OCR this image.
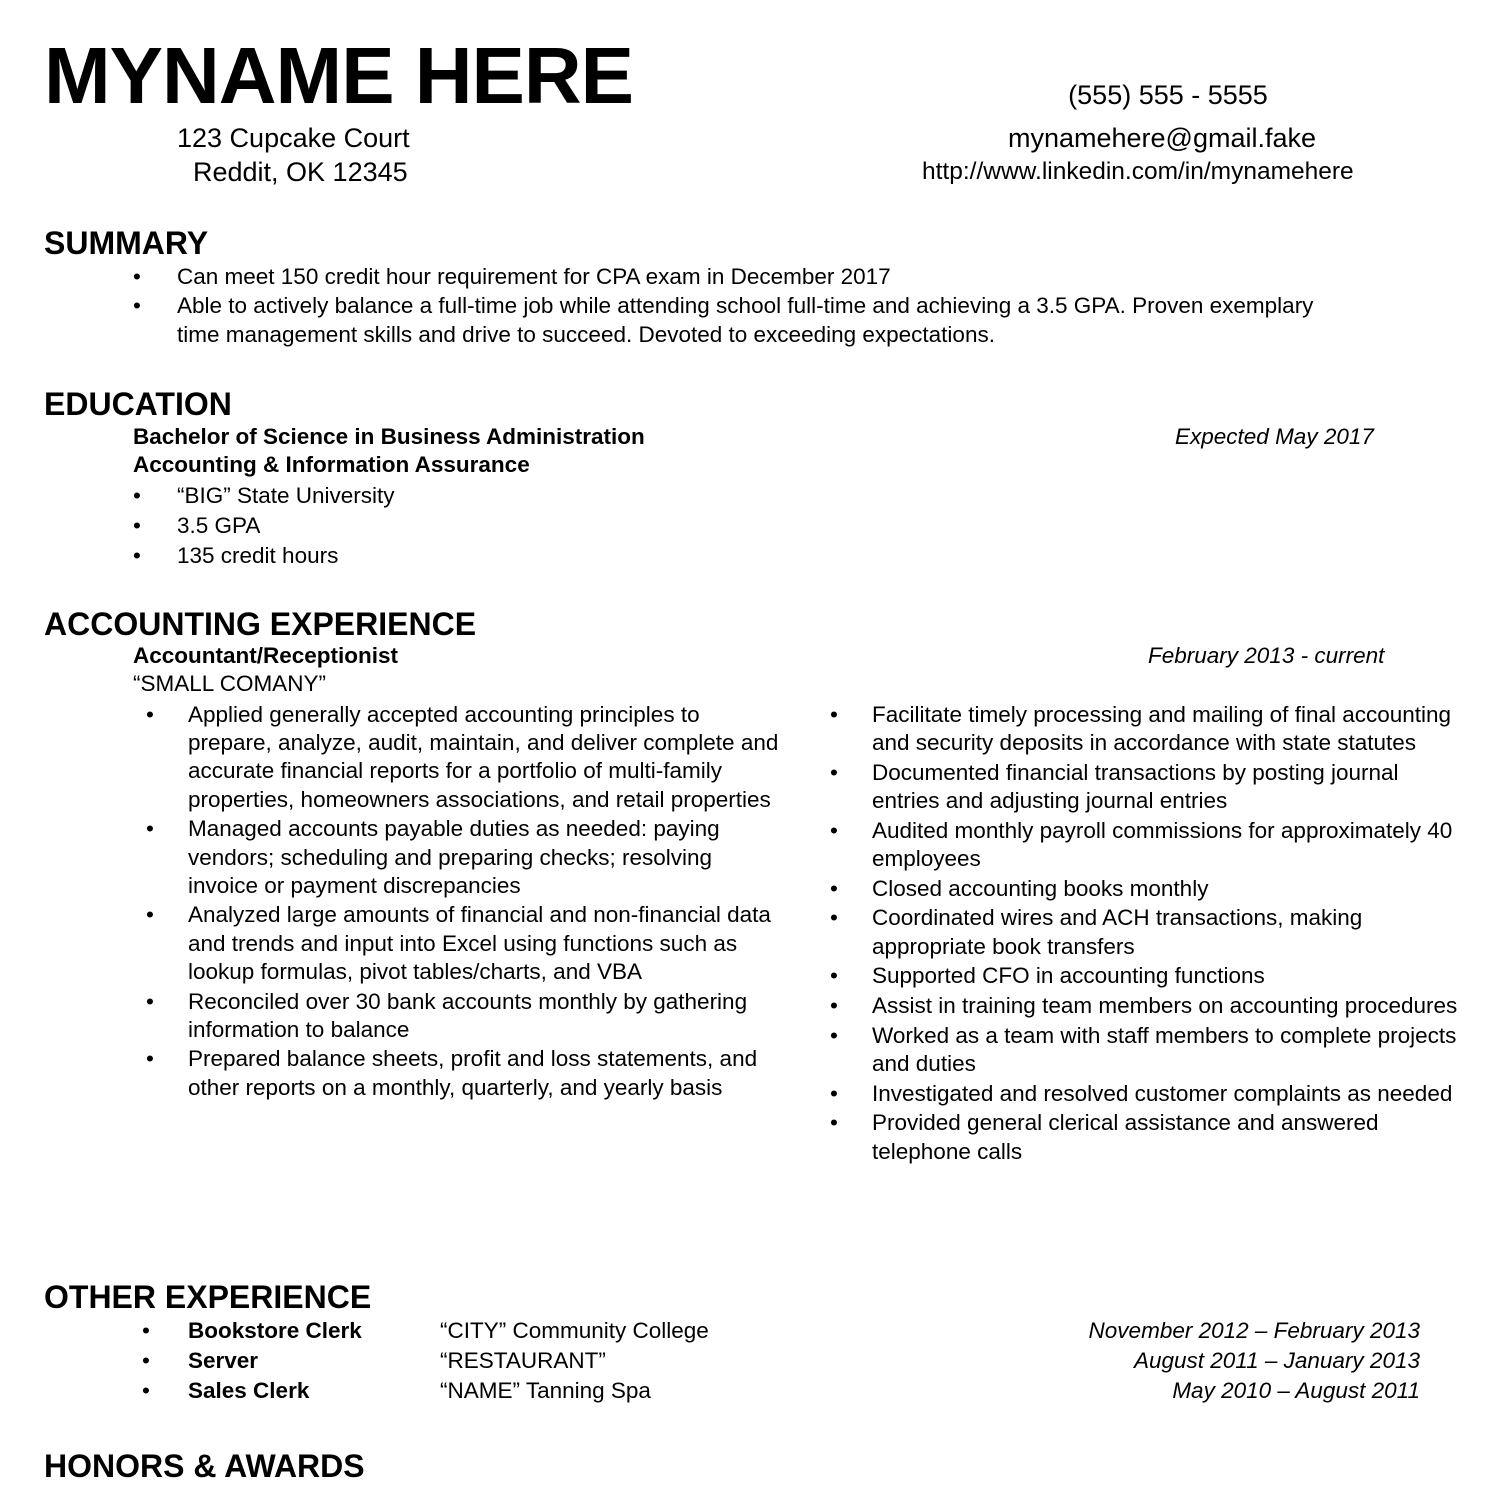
MYNAME HERE
123 Cupcake Court
Reddit, OK 12345
(555) 555 - 5555
mynamehere@gmail.fake
http://www.linkedin.com/in/mynamehere
SUMMARY
• Can meet 150 credit hour requirement for CPA exam in December 2017
• Able to actively balance a full-time job while attending school full-time and achieving a 3.5 GPA. Proven exemplary
time management skills and drive to succeed. Devoted to exceeding expectations.
EDUCATION
Bachelor of Science in Business Administration	Expected May 2017
Accounting & Information Assurance
• “BIG” State University
• 3.5 GPA
• 135 credit hours
ACCOUNTING EXPERIENCE
Accountant/Receptionist	February 2013 - current
“SMALL COMANY”
• Applied generally accepted accounting principles to prepare, analyze, audit, maintain, and deliver complete and accurate financial reports for a portfolio of multi-family properties, homeowners associations, and retail properties
• Managed accounts payable duties as needed: paying vendors; scheduling and preparing checks; resolving invoice or payment discrepancies
• Analyzed large amounts of financial and non-financial data and trends and input into Excel using functions such as lookup formulas, pivot tables/charts, and VBA
• Reconciled over 30 bank accounts monthly by gathering information to balance
• Prepared balance sheets, profit and loss statements, and other reports on a monthly, quarterly, and yearly basis
• Facilitate timely processing and mailing of final accounting and security deposits in accordance with state statutes
• Documented financial transactions by posting journal entries and adjusting journal entries
• Audited monthly payroll commissions for approximately 40 employees
• Closed accounting books monthly
• Coordinated wires and ACH transactions, making appropriate book transfers
• Supported CFO in accounting functions
• Assist in training team members on accounting procedures
• Worked as a team with staff members to complete projects and duties
• Investigated and resolved customer complaints as needed
• Provided general clerical assistance and answered telephone calls
OTHER EXPERIENCE
• Bookstore Clerk	“CITY” Community College	November 2012 – February 2013
• Server	“RESTAURANT”	August 2011 – January 2013
• Sales Clerk	“NAME” Tanning Spa	May 2010 – August 2011
HONORS & AWARDS
